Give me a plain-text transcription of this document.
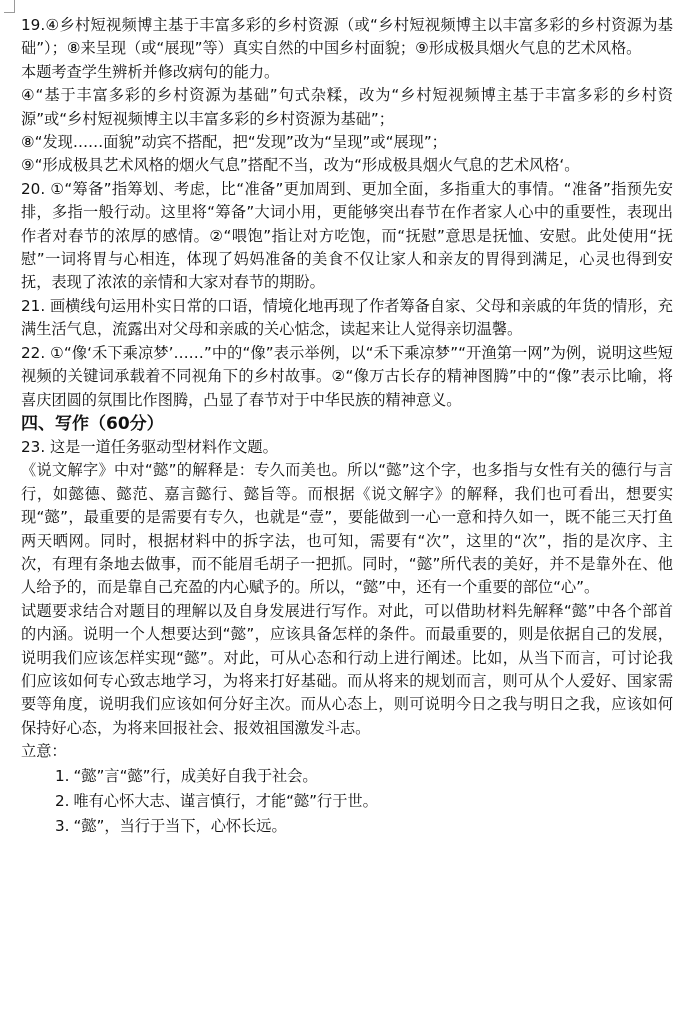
19.④乡村短视频博主基于丰富多彩的乡村资源（或“乡村短视频博主以丰富多彩的乡村资源为基础”）；⑧来呈现（或“展现”等）真实自然的中国乡村面貌；⑨形成极具烟火气息的艺术风格。

本题考查学生辨析并修改病句的能力。

④“基于丰富多彩的乡村资源为基础”句式杂糅，改为“乡村短视频博主基于丰富多彩的乡村资源”或“乡村短视频博主以丰富多彩的乡村资源为基础”；

⑧“发现……面貌”动宾不搭配，把“发现”改为“呈现”或“展现”；

⑨“形成极具艺术风格的烟火气息”搭配不当，改为“形成极具烟火气息的艺术风格‘。

20. ①“筹备”指筹划、考虑，比“准备”更加周到、更加全面，多指重大的事情。“准备”指预先安排，多指一般行动。这里将“筹备”大词小用，更能够突出春节在作者家人心中的重要性，表现出作者对春节的浓厚的感情。②“喂饱”指让对方吃饱，而“抚慰”意思是抚恤、安慰。此处使用“抚慰”一词将胃与心相连，体现了妈妈准备的美食不仅让家人和亲友的胃得到满足，心灵也得到安抚，表现了浓浓的亲情和大家对春节的期盼。

21. 画横线句运用朴实日常的口语，情境化地再现了作者筹备自家、父母和亲戚的年货的情形，充满生活气息，流露出对父母和亲戚的关心惦念，读起来让人觉得亲切温馨。

22. ①“像‘禾下乘凉梦’……”中的“像”表示举例，以“禾下乘凉梦”“开渔第一网”为例，说明这些短视频的关键词承载着不同视角下的乡村故事。②“像万古长存的精神图腾”中的“像”表示比喻，将喜庆团圆的氛围比作图腾，凸显了春节对于中华民族的精神意义。

四、写作（60分）

23. 这是一道任务驱动型材料作文题。

《说文解字》中对“懿”的解释是：专久而美也。所以“懿”这个字，也多指与女性有关的德行与言行，如懿德、懿范、嘉言懿行、懿旨等。而根据《说文解字》的解释，我们也可看出，想要实现“懿”，最重要的是需要有专久，也就是“壹”，要能做到一心一意和持久如一，既不能三天打鱼两天晒网。同时，根据材料中的拆字法，也可知，需要有“次”，这里的“次”，指的是次序、主次，有理有条地去做事，而不能眉毛胡子一把抓。同时，“懿”所代表的美好，并不是靠外在、他人给予的，而是靠自己充盈的内心赋予的。所以，“懿”中，还有一个重要的部位“心”。

试题要求结合对题目的理解以及自身发展进行写作。对此，可以借助材料先解释“懿”中各个部首的内涵。说明一个人想要达到“懿”，应该具备怎样的条件。而最重要的，则是依据自己的发展，说明我们应该怎样实现“懿”。对此，可从心态和行动上进行阐述。比如，从当下而言，可讨论我们应该如何专心致志地学习，为将来打好基础。而从将来的规划而言，则可从个人爱好、国家需要等角度，说明我们应该如何分好主次。而从心态上，则可说明今日之我与明日之我，应该如何保持好心态，为将来回报社会、报效祖国激发斗志。

立意：

1. “懿”言“懿”行，成美好自我于社会。
2. 唯有心怀大志、谨言慎行，才能“懿”行于世。
3. “懿”，当行于当下，心怀长远。
